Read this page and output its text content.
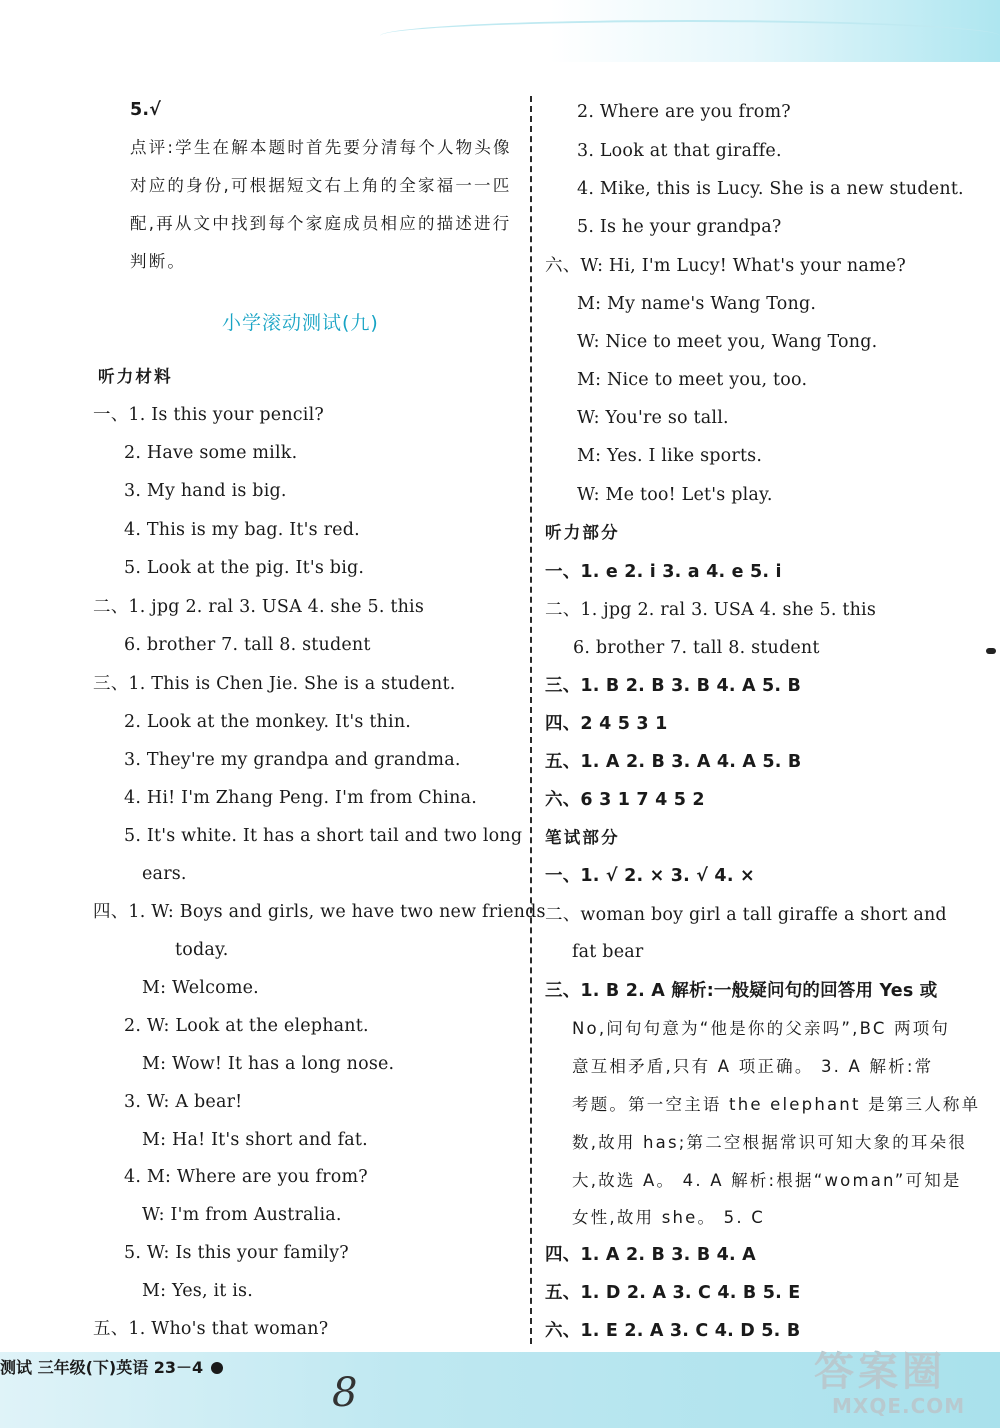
5.√
点评:学生在解本题时首先要分清每个人物头像
对应的身份,可根据短文右上角的全家福一一匹
配,再从文中找到每个家庭成员相应的描述进行
判断。
听力材料
一、1. Is this your pencil?
2. Have some milk.
3. My hand is big.
4. This is my bag. It's red.
5. Look at the pig. It's big.
二、1. jpg 2. ral 3. USA 4. she 5. this
6. brother 7. tall 8. student
三、1. This is Chen Jie. She is a student.
2. Look at the monkey. It's thin.
3. They're my grandpa and grandma.
4. Hi! I'm Zhang Peng. I'm from China.
5. It's white. It has a short tail and two long
ears.
四、1. W: Boys and girls, we have two new friends
today.
M: Welcome.
2. W: Look at the elephant.
M: Wow! It has a long nose.
3. W: A bear!
M: Ha! It's short and fat.
4. M: Where are you from?
W: I'm from Australia.
5. W: Is this your family?
M: Yes, it is.
五、1. Who's that woman?
2. Where are you from?
3. Look at that giraffe.
4. Mike, this is Lucy. She is a new student.
5. Is he your grandpa?
六、W: Hi, I'm Lucy! What's your name?
M: My name's Wang Tong.
W: Nice to meet you, Wang Tong.
M: Nice to meet you, too.
W: You're so tall.
M: Yes. I like sports.
W: Me too! Let's play.
听力部分
一、1. e 2. i 3. a 4. e 5. i
二、1. jpg 2. ral 3. USA 4. she 5. this
6. brother 7. tall 8. student
三、1. B 2. B 3. B 4. A 5. B
四、2 4 5 3 1
五、1. A 2. B 3. A 4. A 5. B
六、6 3 1 7 4 5 2
笔试部分
一、1. √ 2. × 3. √ 4. ×
二、woman boy girl a tall giraffe a short and
fat bear
三、1. B 2. A 解析:一般疑问句的回答用 Yes 或
No,问句句意为“他是你的父亲吗”,BC 两项句
意互相矛盾,只有 A 项正确。 3. A 解析:常
考题。第一空主语 the elephant 是第三人称单
数,故用 has;第二空根据常识可知大象的耳朵很
大,故选 A。 4. A 解析:根据“woman”可知是
女性,故用 she。 5. C
四、1. A 2. B 3. B 4. A
五、1. D 2. A 3. C 4. B 5. E
六、1. E 2. A 3. C 4. D 5. B
小学滚动测试(九)
测试 三年级(下)英语 23－4
8	答案圈
MXQE.COM
